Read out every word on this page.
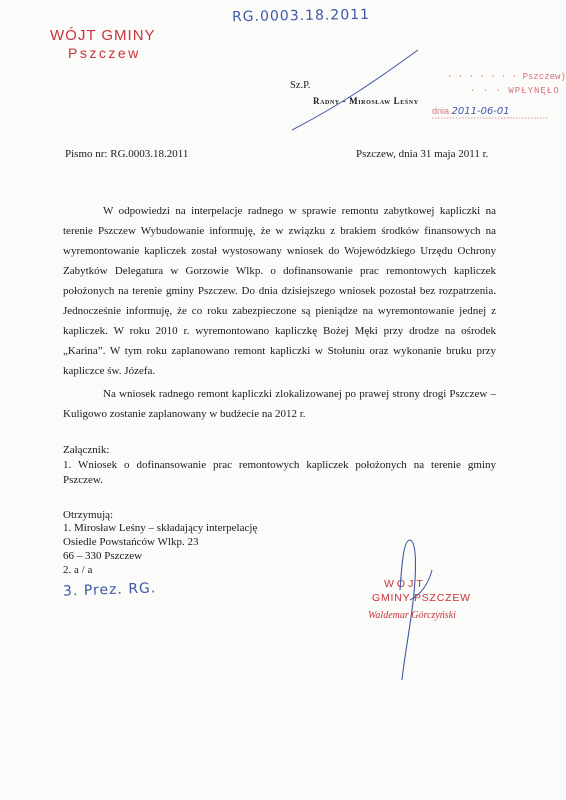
WÓJT GMINY
Pszczew
RG.0003.18.2011
Sz.P.
Radny - Mirosław Leśny
· · · · · · · Pszczew)
· · · WPŁYNĘŁO
dnia 2011-06-01
Pismo nr: RG.0003.18.2011	Pszczew, dnia 31 maja 2011 r.
W odpowiedzi na interpelacje radnego w sprawie remontu zabytkowej kapliczki na terenie Pszczew Wybudowanie informuję, że w związku z brakiem środków finansowych na wyremontowanie kapliczek został wystosowany wniosek do Wojewódzkiego Urzędu Ochrony Zabytków Delegatura w Gorzowie Wlkp. o dofinansowanie prac remontowych kapliczek położonych na terenie gminy Pszczew. Do dnia dzisiejszego wniosek pozostał bez rozpatrzenia. Jednocześnie informuję, że co roku zabezpieczone są pieniądze na wyremontowanie jednej z kapliczek. W roku 2010 r. wyremontowano kapliczkę Bożej Męki przy drodze na ośrodek „Karina”. W tym roku zaplanowano remont kapliczki w Stołuniu oraz wykonanie bruku przy kapliczce św. Józefa.
Na wniosek radnego remont kapliczki zlokalizowanej po prawej strony drogi Pszczew – Kuligowo zostanie zaplanowany w budżecie na 2012 r.
Załącznik:
1. Wniosek o dofinansowanie prac remontowych kapliczek położonych na terenie gminy Pszczew.
Otrzymują:
1. Mirosław Leśny – składający interpelację
Osiedle Powstańców Wlkp. 23
66 – 330 Pszczew
2. a / a
3. Prez. RG.	WÓJT
GMINY PSZCZEW
Waldemar Górczyński
